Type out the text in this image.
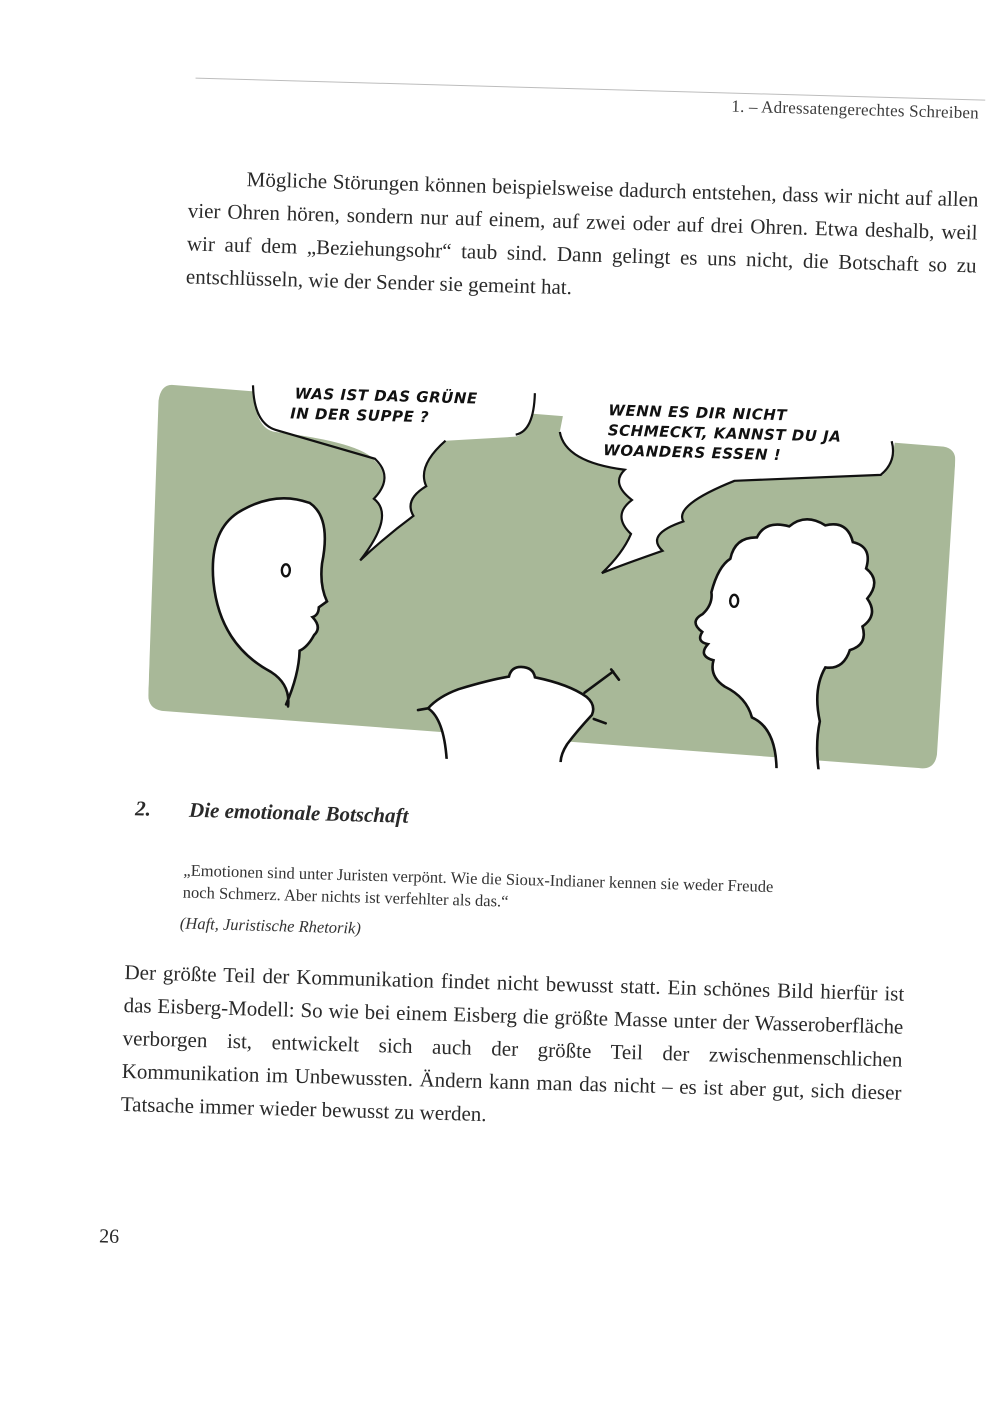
1. – Adressatengerechtes Schreiben

Mögliche Störungen können beispielsweise dadurch entstehen, dass wir nicht auf allen vier Ohren hören, sondern nur auf einem, auf zwei oder auf drei Ohren. Etwa deshalb, weil wir auf dem „Beziehungsohr“ taub sind. Dann gelingt es uns nicht, die Botschaft so zu entschlüsseln, wie der Sender sie gemeint hat.

WAS IST DAS GRÜNE IN DER SUPPE ?	WENN ES DIR NICHT SCHMECKT, KANNST DU JA WOANDERS ESSEN !
2. Die emotionale Botschaft

„Emotionen sind unter Juristen verpönt. Wie die Sioux-Indianer kennen sie weder Freude noch Schmerz. Aber nichts ist verfehlter als das.“

(Haft, Juristische Rhetorik)

Der größte Teil der Kommunikation findet nicht bewusst statt. Ein schönes Bild hierfür ist das Eisberg-Modell: So wie bei einem Eisberg die größte Masse unter der Wasseroberfläche verborgen ist, entwickelt sich auch der größte Teil der zwischenmenschlichen Kommunikation im Unbewussten. Ändern kann man das nicht – es ist aber gut, sich dieser Tatsache immer wieder bewusst zu werden.

26
